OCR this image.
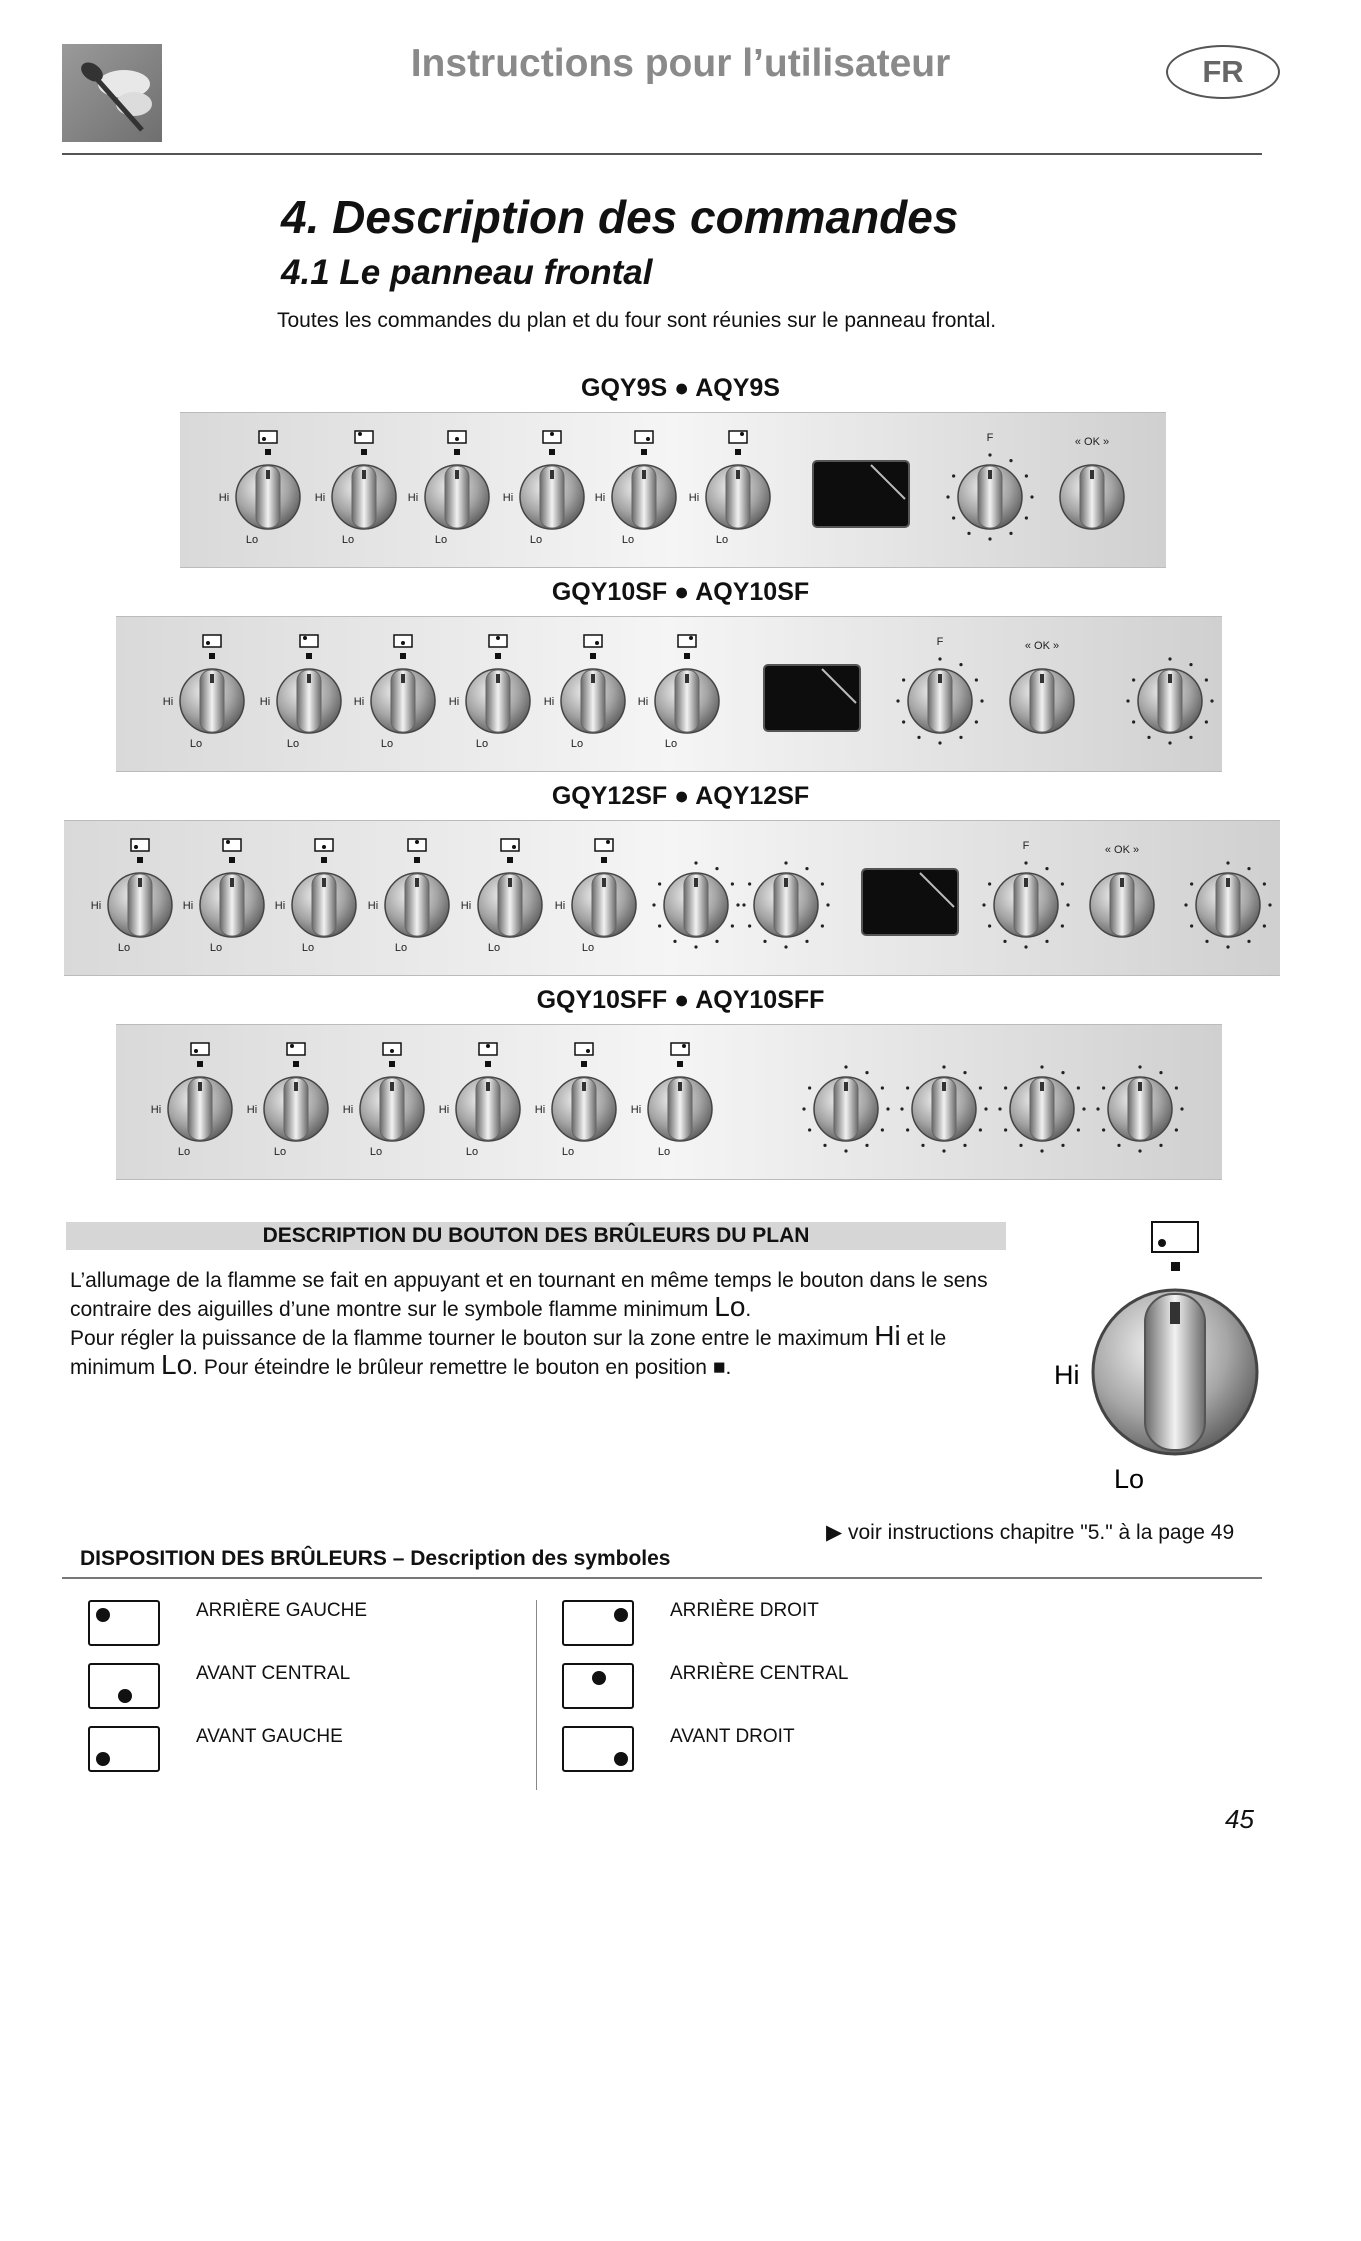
Instructions pour l’utilisateur	FR
4. Description des commandes
4.1 Le panneau frontal
Toutes les commandes du plan et du four sont réunies sur le panneau frontal.
GQY9S ● AQY9S
Hi
Lo
Hi
Lo
Hi
Lo
Hi
Lo
Hi
Lo
Hi
Lo
F	« OK »
GQY10SF ● AQY10SF
Hi
Lo
Hi
Lo
Hi
Lo
Hi
Lo
Hi
Lo
Hi
Lo
F	« OK »
GQY12SF ● AQY12SF
Hi
Lo
Hi
Lo
Hi
Lo
Hi
Lo
Hi
Lo
Hi
Lo
F	« OK »
GQY10SFF ● AQY10SFF
Hi
Lo
Hi
Lo
Hi
Lo
Hi
Lo
Hi
Lo
Hi
Lo
DESCRIPTION DU BOUTON DES BRÛLEURS DU PLAN
L’allumage de la flamme se fait en appuyant et en tournant en même temps le bouton dans le sens contraire des aiguilles d’une montre sur le symbole flamme minimum Lo.
Pour régler la puissance de la flamme tourner le bouton sur la zone entre le maximum Hi et le minimum Lo. Pour éteindre le brûleur remettre le bouton en position ■.	Hi
Lo
▶ voir instructions chapitre "5." à la page 49
DISPOSITION DES BRÛLEURS – Description des symboles
ARRIÈRE GAUCHE
AVANT CENTRAL
AVANT GAUCHE
ARRIÈRE DROIT
ARRIÈRE CENTRAL
AVANT DROIT
45
